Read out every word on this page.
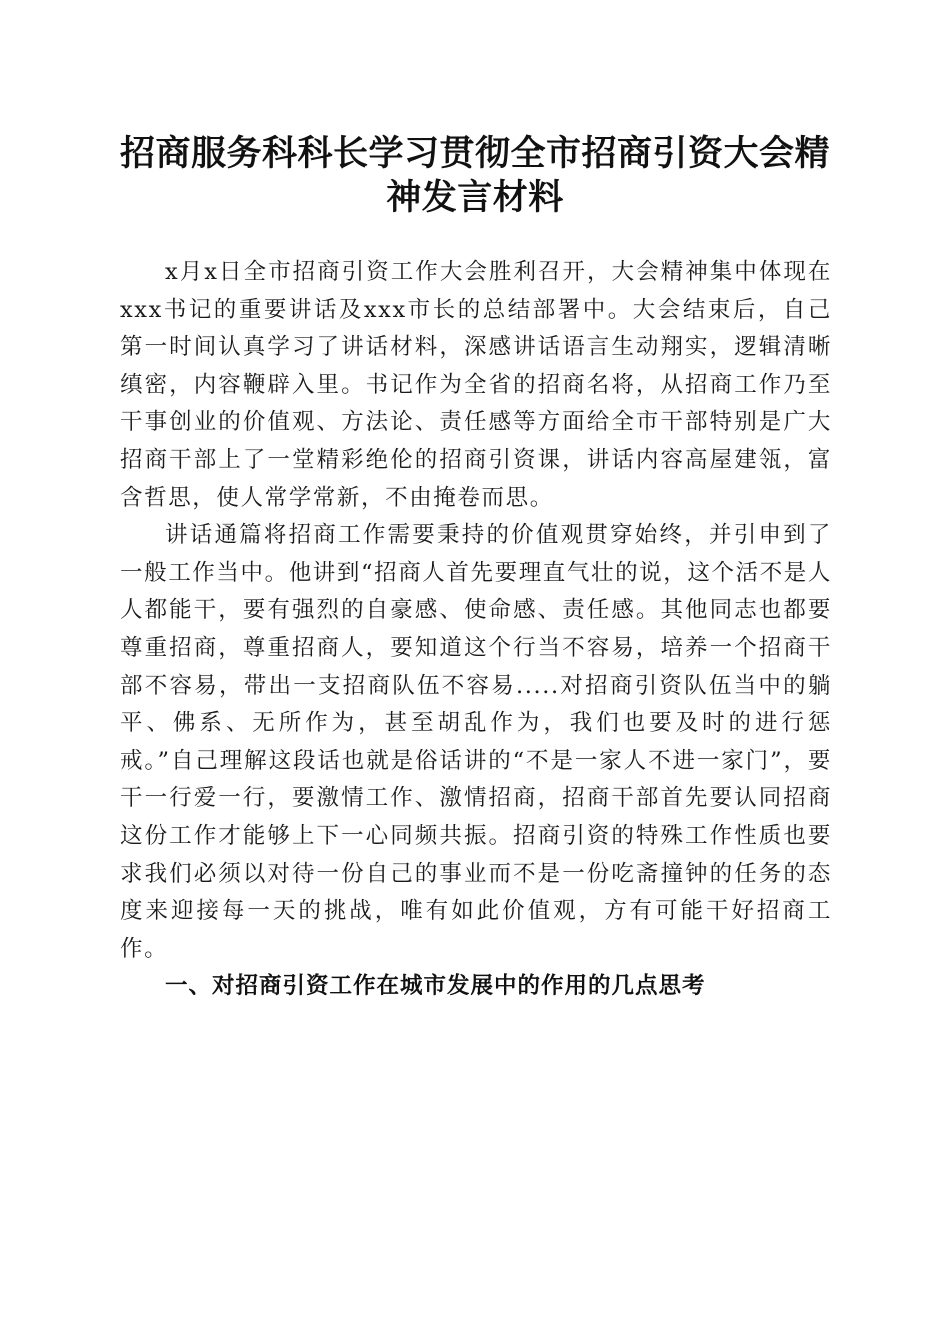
招商服务科科长学习贯彻全市招商引资大会精神发言材料

x月x日全市招商引资工作大会胜利召开，大会精神集中体现在xxx书记的重要讲话及xxx市长的总结部署中。大会结束后，自己第一时间认真学习了讲话材料，深感讲话语言生动翔实，逻辑清晰缜密，内容鞭辟入里。书记作为全省的招商名将，从招商工作乃至干事创业的价值观、方法论、责任感等方面给全市干部特别是广大招商干部上了一堂精彩绝伦的招商引资课，讲话内容高屋建瓴，富含哲思，使人常学常新，不由掩卷而思。

讲话通篇将招商工作需要秉持的价值观贯穿始终，并引申到了一般工作当中。他讲到“招商人首先要理直气壮的说，这个活不是人人都能干，要有强烈的自豪感、使命感、责任感。其他同志也都要尊重招商，尊重招商人，要知道这个行当不容易，培养一个招商干部不容易，带出一支招商队伍不容易.....对招商引资队伍当中的躺平、佛系、无所作为，甚至胡乱作为，我们也要及时的进行惩戒。”自己理解这段话也就是俗话讲的“不是一家人不进一家门”，要干一行爱一行，要激情工作、激情招商，招商干部首先要认同招商这份工作才能够上下一心同频共振。招商引资的特殊工作性质也要求我们必须以对待一份自己的事业而不是一份吃斋撞钟的任务的态度来迎接每一天的挑战，唯有如此价值观，方有可能干好招商工作。

一、对招商引资工作在城市发展中的作用的几点思考
